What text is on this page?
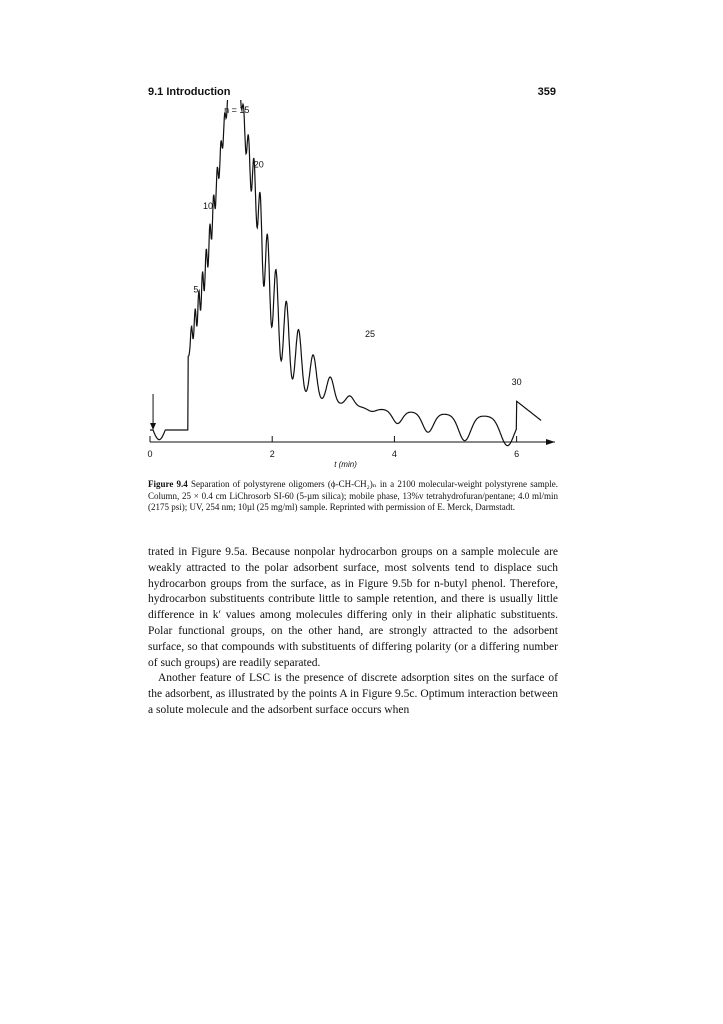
9.1 Introduction	359
0	2	4	6
t (min)
n = 15
20
10
5
25
30
Figure 9.4 Separation of polystyrene oligomers (ϕ-CH-CH₂)ₙ in a 2100 molecular-weight polystyrene sample. Column, 25 × 0.4 cm LiChrosorb SI-60 (5-µm silica); mobile phase, 13%v tetrahydrofuran/pentane; 4.0 ml/min (2175 psi); UV, 254 nm; 10µl (25 mg/ml) sample. Reprinted with permission of E. Merck, Darmstadt.

trated in Figure 9.5a. Because nonpolar hydrocarbon groups on a sample molecule are weakly attracted to the polar adsorbent surface, most solvents tend to displace such hydrocarbon groups from the surface, as in Figure 9.5b for n-butyl phenol. Therefore, hydrocarbon substituents contribute little to sample retention, and there is usually little difference in k′ values among molecules differing only in their aliphatic substituents. Polar functional groups, on the other hand, are strongly attracted to the adsorbent surface, so that compounds with substituents of differing polarity (or a differing number of such groups) are readily separated.

Another feature of LSC is the presence of discrete adsorption sites on the surface of the adsorbent, as illustrated by the points A in Figure 9.5c. Optimum interaction between a solute molecule and the adsorbent surface occurs when
